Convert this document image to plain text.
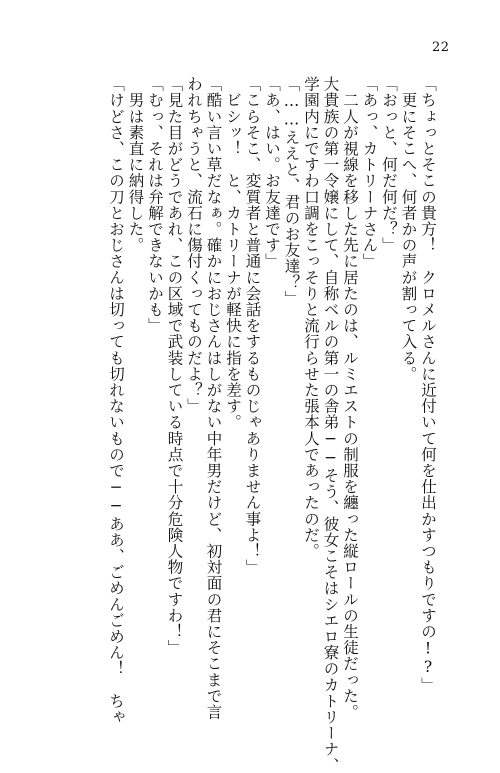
22
「ちょっとそこの貴方！　クロメルさんに近付いて何を仕出かすつもりですの!?」
　更にそこへ、何者かの声が割って入る。
「おっと、何だ何だ？」
「あっ、カトリーナさん」
　二人が視線を移した先に居たのは、ルミエストの制服を纏った縦ロールの生徒だった。
大貴族の第一令嬢にして、自称ベルの第一の舎弟──そう、彼女こそはシエロ寮のカトリーナ、
学園内にですわ口調をこっそりと流行らせた張本人であったのだ。
「……ええと、君のお友達？」
「あ、はい。お友達です」
「こらそこ、変質者と普通に会話をするものじゃありません事よ！」
　ビシッ！　と、カトリーナが軽快に指を差す。
「酷い言い草だなぁ。確かにおじさんはしがない中年男だけど、初対面の君にそこまで言
われちゃうと、流石に傷付くってものだよ？」
「見た目がどうであれ、この区域で武装している時点で十分危険人物ですわ！」
「むっ、それは弁解できないかも」
　男は素直に納得した。
「けどさ、この刀とおじさんは切っても切れないもので──ああ、ごめんごめん！　ちゃ
